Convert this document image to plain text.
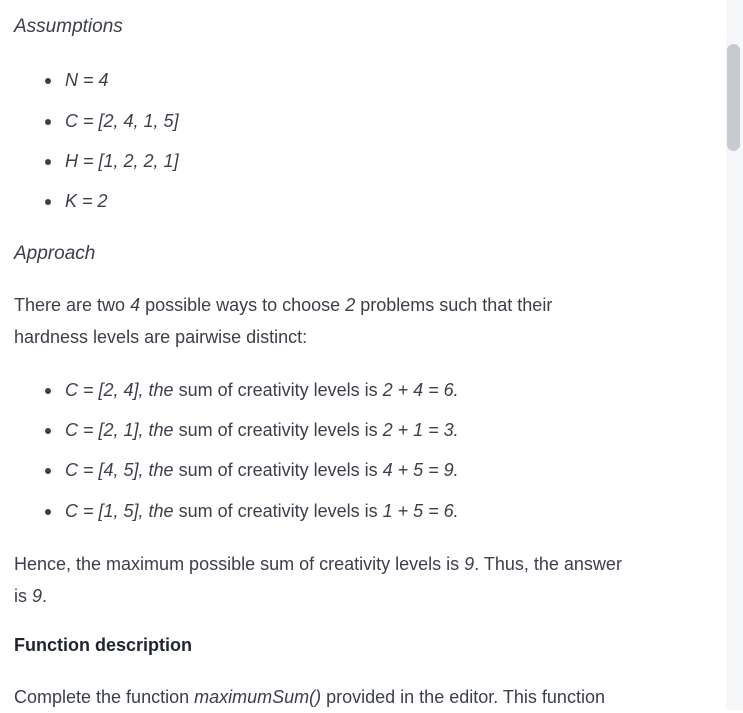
Assumptions
N = 4
C = [2, 4, 1, 5]
H = [1, 2, 2, 1]
K = 2
Approach
There are two 4 possible ways to choose 2 problems such that their
hardness levels are pairwise distinct:
C = [2, 4], the sum of creativity levels is 2 + 4 = 6.
C = [2, 1], the sum of creativity levels is 2 + 1 = 3.
C = [4, 5], the sum of creativity levels is 4 + 5 = 9.
C = [1, 5], the sum of creativity levels is 1 + 5 = 6.
Hence, the maximum possible sum of creativity levels is 9. Thus, the answer
is 9.
Function description
Complete the function maximumSum() provided in the editor. This function
